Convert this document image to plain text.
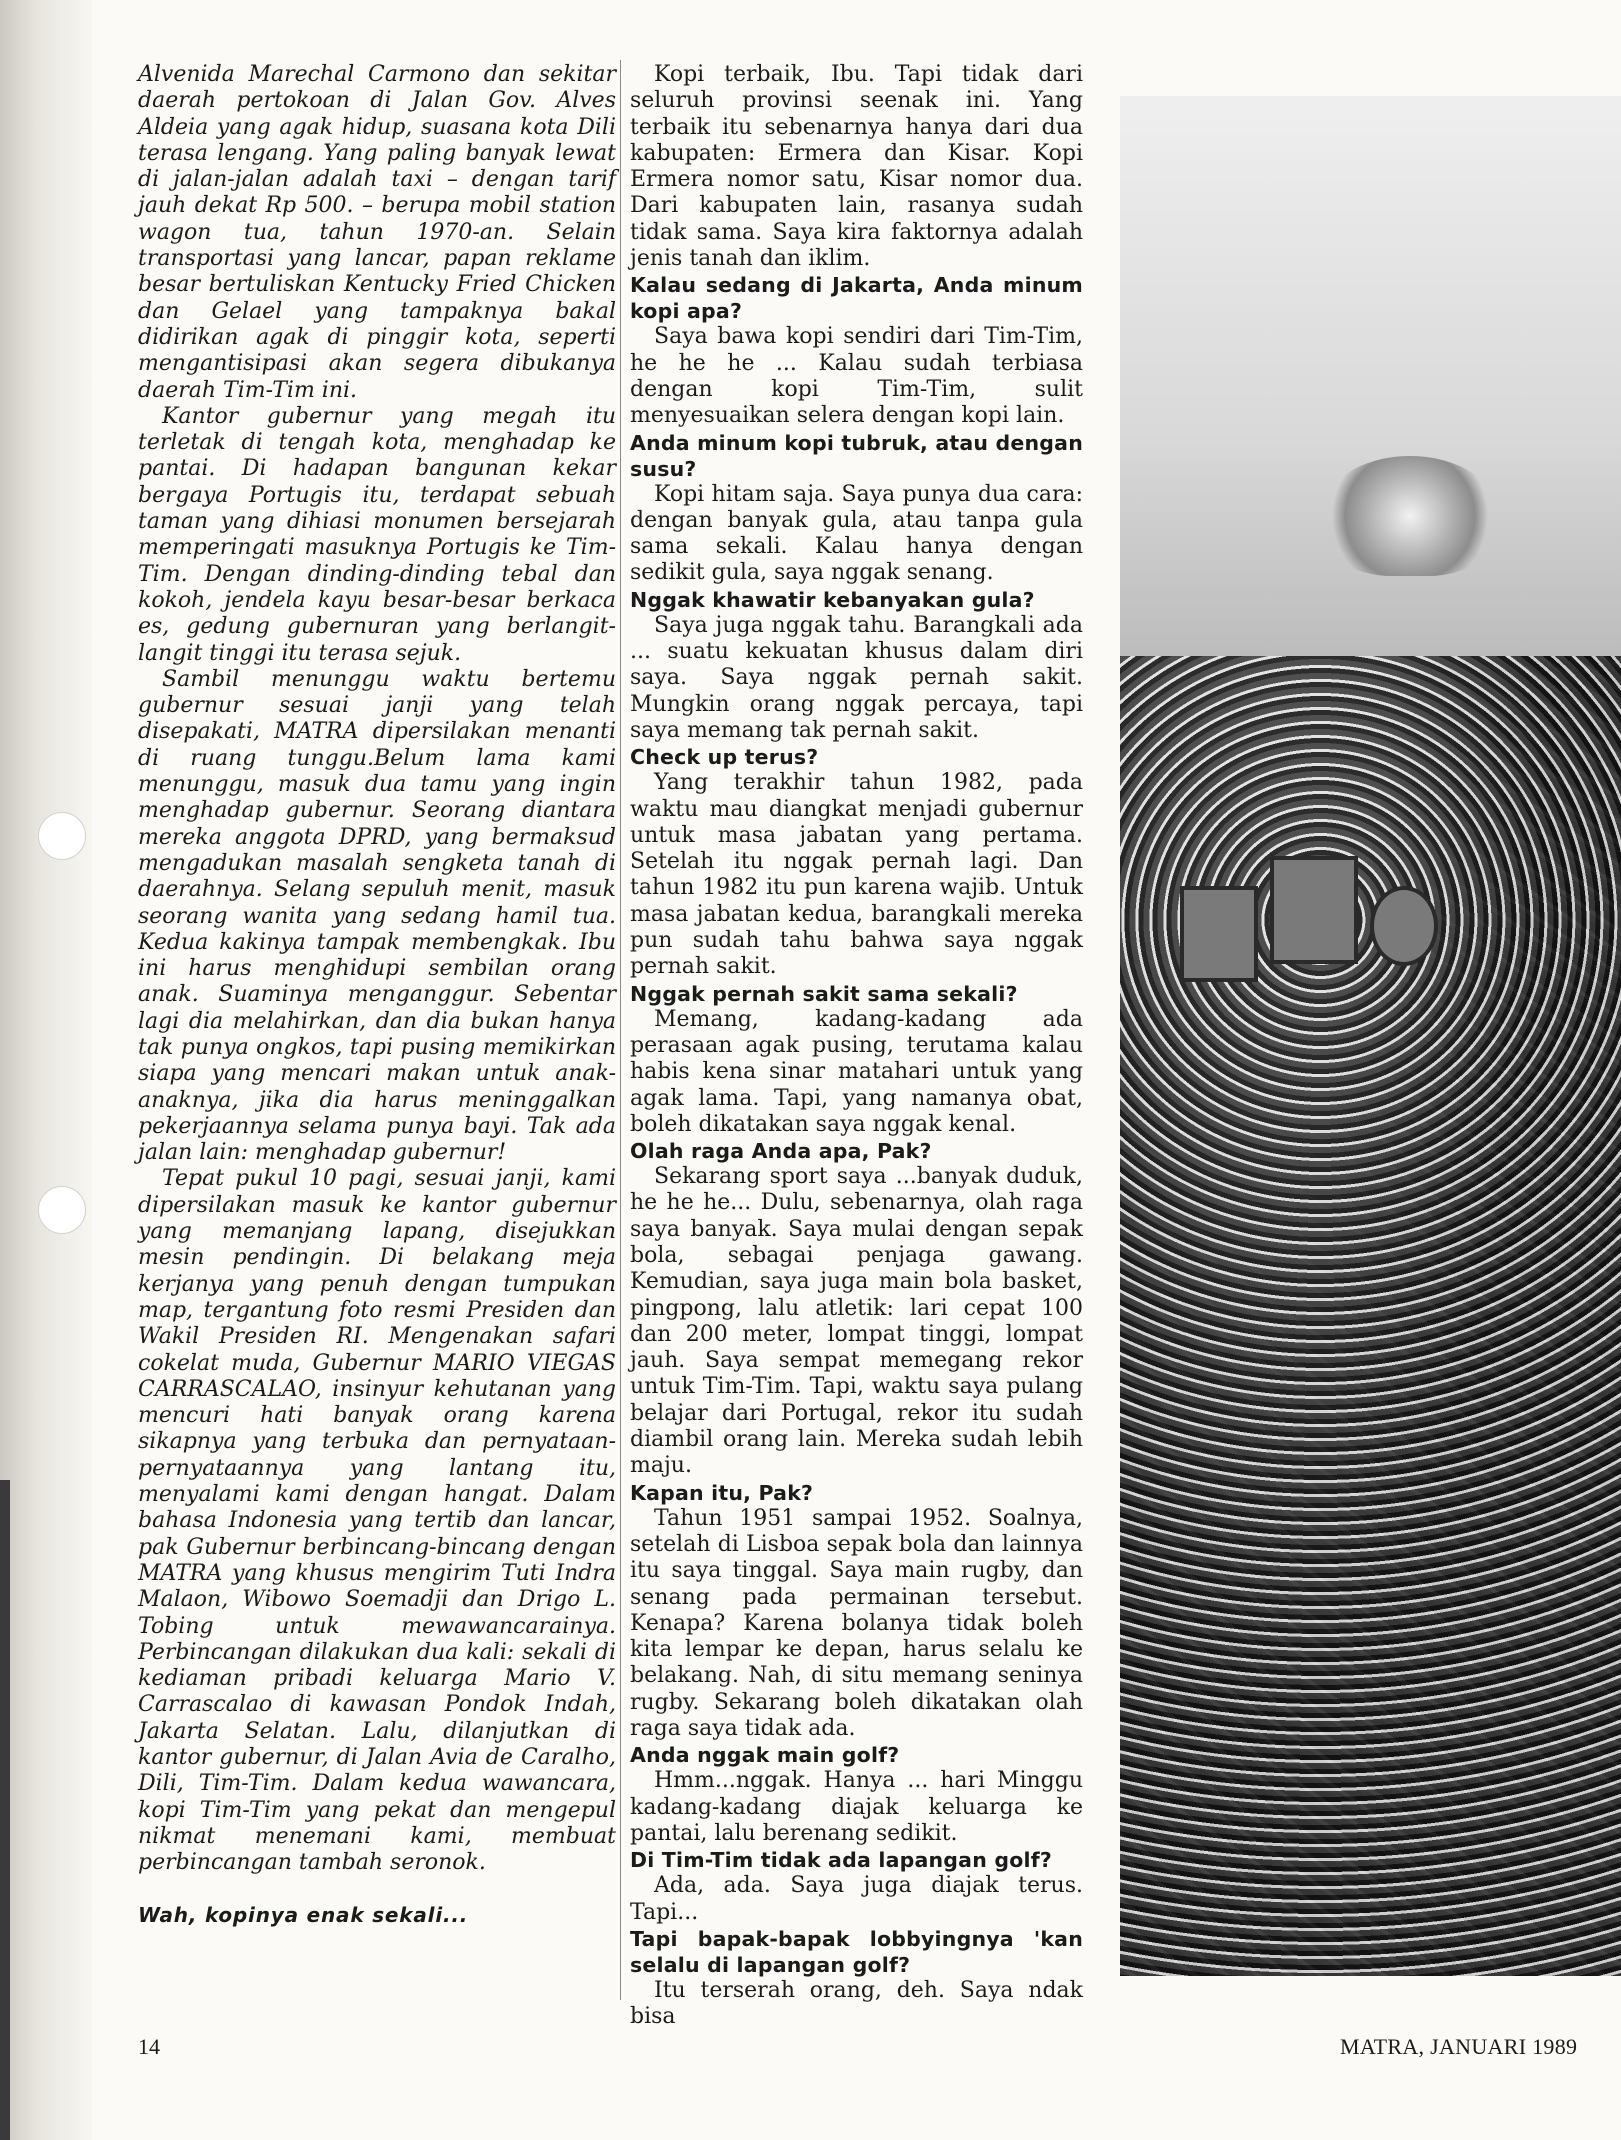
Alvenida Marechal Carmono dan sekitar daerah pertokoan di Jalan Gov. Alves Aldeia yang agak hidup, suasana kota Dili terasa lengang. Yang paling banyak lewat di jalan-jalan adalah taxi – dengan tarif jauh dekat Rp 500. – berupa mobil station wagon tua, tahun 1970-an. Selain transportasi yang lancar, papan reklame besar bertuliskan Kentucky Fried Chicken dan Gelael yang tampaknya bakal didirikan agak di pinggir kota, seperti mengantisipasi akan segera dibukanya daerah Tim-Tim ini.

Kantor gubernur yang megah itu terletak di tengah kota, menghadap ke pantai. Di hadapan bangunan kekar bergaya Portugis itu, terdapat sebuah taman yang dihiasi monumen bersejarah memperingati masuknya Portugis ke Tim-Tim. Dengan dinding-dinding tebal dan kokoh, jendela kayu besar-besar berkaca es, gedung gubernuran yang berlangit-langit tinggi itu terasa sejuk.

Sambil menunggu waktu bertemu gubernur sesuai janji yang telah disepakati, MATRA dipersilakan menanti di ruang tunggu.Belum lama kami menunggu, masuk dua tamu yang ingin menghadap gubernur. Seorang diantara mereka anggota DPRD, yang bermaksud mengadukan masalah sengketa tanah di daerahnya. Selang sepuluh menit, masuk seorang wanita yang sedang hamil tua. Kedua kakinya tampak membengkak. Ibu ini harus menghidupi sembilan orang anak. Suaminya menganggur. Sebentar lagi dia melahirkan, dan dia bukan hanya tak punya ongkos, tapi pusing memikirkan siapa yang mencari makan untuk anak-anaknya, jika dia harus meninggalkan pekerjaannya selama punya bayi. Tak ada jalan lain: menghadap gubernur!

Tepat pukul 10 pagi, sesuai janji, kami dipersilakan masuk ke kantor gubernur yang memanjang lapang, disejukkan mesin pendingin. Di belakang meja kerjanya yang penuh dengan tumpukan map, tergantung foto resmi Presiden dan Wakil Presiden RI. Mengenakan safari cokelat muda, Gubernur MARIO VIEGAS CARRASCALAO, insinyur kehutanan yang mencuri hati banyak orang karena sikapnya yang terbuka dan pernyataan-pernyataannya yang lantang itu, menyalami kami dengan hangat. Dalam bahasa Indonesia yang tertib dan lancar, pak Gubernur berbincang-bincang dengan MATRA yang khusus mengirim Tuti Indra Malaon, Wibowo Soemadji dan Drigo L. Tobing untuk mewawancarainya. Perbincangan dilakukan dua kali: sekali di kediaman pribadi keluarga Mario V. Carrascalao di kawasan Pondok Indah, Jakarta Selatan. Lalu, dilanjutkan di kantor gubernur, di Jalan Avia de Caralho, Dili, Tim-Tim. Dalam kedua wawancara, kopi Tim-Tim yang pekat dan mengepul nikmat menemani kami, membuat perbincangan tambah seronok.

Wah, kopinya enak sekali...

Kopi terbaik, Ibu. Tapi tidak dari seluruh provinsi seenak ini. Yang terbaik itu sebenarnya hanya dari dua kabupaten: Ermera dan Kisar. Kopi Ermera nomor satu, Kisar nomor dua. Dari kabupaten lain, rasanya sudah tidak sama. Saya kira faktornya adalah jenis tanah dan iklim.

Kalau sedang di Jakarta, Anda minum kopi apa?

Saya bawa kopi sendiri dari Tim-Tim, he he he ... Kalau sudah terbiasa dengan kopi Tim-Tim, sulit menyesuaikan selera dengan kopi lain.

Anda minum kopi tubruk, atau dengan susu?

Kopi hitam saja. Saya punya dua cara: dengan banyak gula, atau tanpa gula sama sekali. Kalau hanya dengan sedikit gula, saya nggak senang.

Nggak khawatir kebanyakan gula?

Saya juga nggak tahu. Barangkali ada ... suatu kekuatan khusus dalam diri saya. Saya nggak pernah sakit. Mungkin orang nggak percaya, tapi saya memang tak pernah sakit.

Check up terus?

Yang terakhir tahun 1982, pada waktu mau diangkat menjadi gubernur untuk masa jabatan yang pertama. Setelah itu nggak pernah lagi. Dan tahun 1982 itu pun karena wajib. Untuk masa jabatan kedua, barangkali mereka pun sudah tahu bahwa saya nggak pernah sakit.

Nggak pernah sakit sama sekali?

Memang, kadang-kadang ada perasaan agak pusing, terutama kalau habis kena sinar matahari untuk yang agak lama. Tapi, yang namanya obat, boleh dikatakan saya nggak kenal.

Olah raga Anda apa, Pak?

Sekarang sport saya ...banyak duduk, he he he... Dulu, sebenarnya, olah raga saya banyak. Saya mulai dengan sepak bola, sebagai penjaga gawang. Kemudian, saya juga main bola basket, pingpong, lalu atletik: lari cepat 100 dan 200 meter, lompat tinggi, lompat jauh. Saya sempat memegang rekor untuk Tim-Tim. Tapi, waktu saya pulang belajar dari Portugal, rekor itu sudah diambil orang lain. Mereka sudah lebih maju.

Kapan itu, Pak?

Tahun 1951 sampai 1952. Soalnya, setelah di Lisboa sepak bola dan lainnya itu saya tinggal. Saya main rugby, dan senang pada permainan tersebut. Kenapa? Karena bolanya tidak boleh kita lempar ke depan, harus selalu ke belakang. Nah, di situ memang seninya rugby. Sekarang boleh dikatakan olah raga saya tidak ada.

Anda nggak main golf?

Hmm...nggak. Hanya ... hari Minggu kadang-kadang diajak keluarga ke pantai, lalu berenang sedikit.

Di Tim-Tim tidak ada lapangan golf?

Ada, ada. Saya juga diajak terus. Tapi...

Tapi bapak-bapak lobbyingnya 'kan selalu di lapangan golf?

Itu terserah orang, deh. Saya ndak bisa

14	MATRA, JANUARI 1989
